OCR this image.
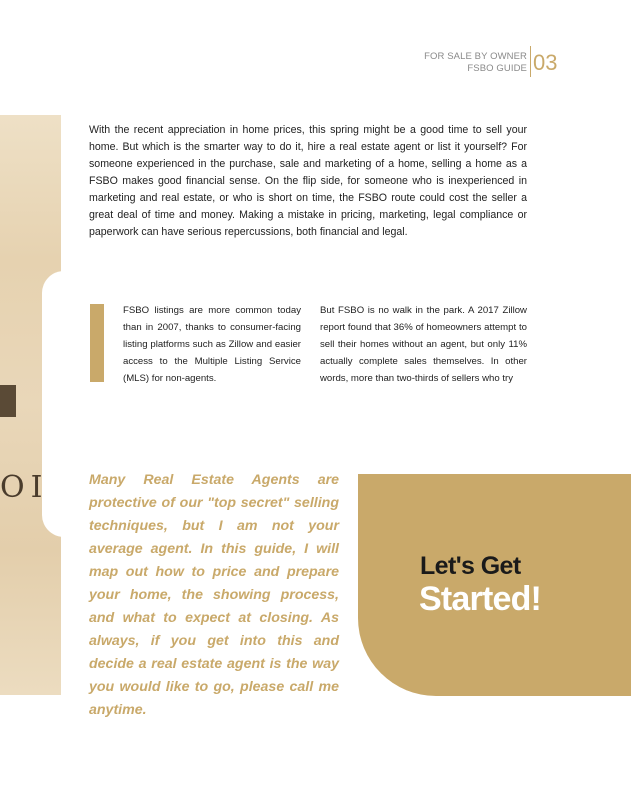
FOR SALE BY OWNER
FSBO GUIDE 03
OI

With the recent appreciation in home prices, this spring might be a good time to sell your home. But which is the smarter way to do it, hire a real estate agent or list it yourself? For someone experienced in the purchase, sale and marketing of a home, selling a home as a FSBO makes good financial sense. On the flip side, for someone who is inexperienced in marketing and real estate, or who is short on time, the FSBO route could cost the seller a great deal of time and money. Making a mistake in pricing, marketing, legal compliance or paperwork can have serious repercussions, both financial and legal.

FSBO listings are more common today than in 2007, thanks to consumer-facing listing platforms such as Zillow and easier access to the Multiple Listing Service (MLS) for non-agents.
But FSBO is no walk in the park. A 2017 Zillow report found that 36% of homeowners attempt to sell their homes without an agent, but only 11% actually complete sales themselves. In other words, more than two-thirds of sellers who try
Many Real Estate Agents are protective of our "top secret" selling techniques, but I am not your average agent. In this guide, I will map out how to price and prepare your home, the showing process, and what to expect at closing. As always, if you get into this and decide a real estate agent is the way you would like to go, please call me anytime.
Let's Get
Started!
